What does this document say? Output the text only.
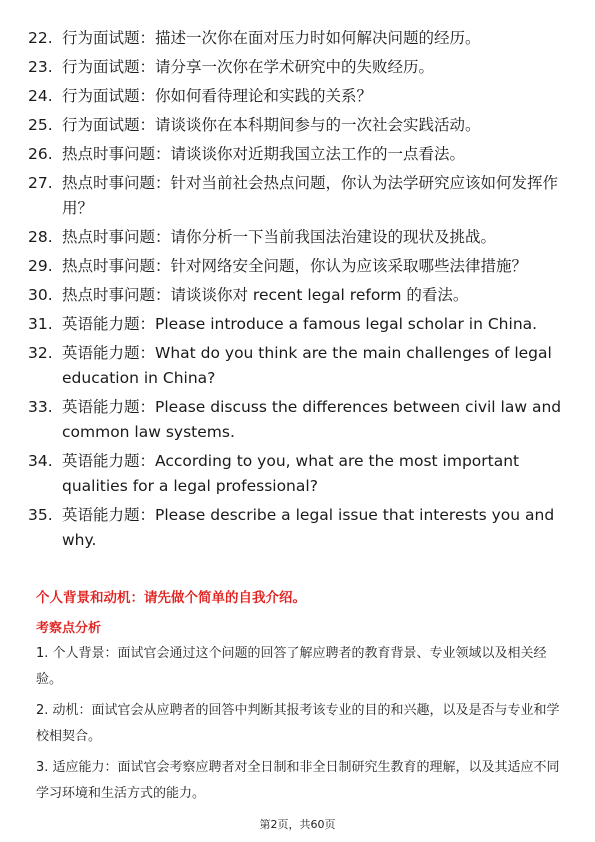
22. 行为面试题：描述一次你在面对压力时如何解决问题的经历。
23. 行为面试题：请分享一次你在学术研究中的失败经历。
24. 行为面试题：你如何看待理论和实践的关系？
25. 行为面试题：请谈谈你在本科期间参与的一次社会实践活动。
26. 热点时事问题：请谈谈你对近期我国立法工作的一点看法。
27. 热点时事问题：针对当前社会热点问题，你认为法学研究应该如何发挥作用？
28. 热点时事问题：请你分析一下当前我国法治建设的现状及挑战。
29. 热点时事问题：针对网络安全问题，你认为应该采取哪些法律措施？
30. 热点时事问题：请谈谈你对 recent legal reform 的看法。
31. 英语能力题：Please introduce a famous legal scholar in China.
32. 英语能力题：What do you think are the main challenges of legal education in China?
33. 英语能力题：Please discuss the differences between civil law and common law systems.
34. 英语能力题：According to you, what are the most important qualities for a legal professional?
35. 英语能力题：Please describe a legal issue that interests you and why.
个人背景和动机：请先做个简单的自我介绍。
考察点分析
1. 个人背景：面试官会通过这个问题的回答了解应聘者的教育背景、专业领域以及相关经验。
2. 动机：面试官会从应聘者的回答中判断其报考该专业的目的和兴趣，以及是否与专业和学校相契合。
3. 适应能力：面试官会考察应聘者对全日制和非全日制研究生教育的理解，以及其适应不同学习环境和生活方式的能力。
第2页，共60页
